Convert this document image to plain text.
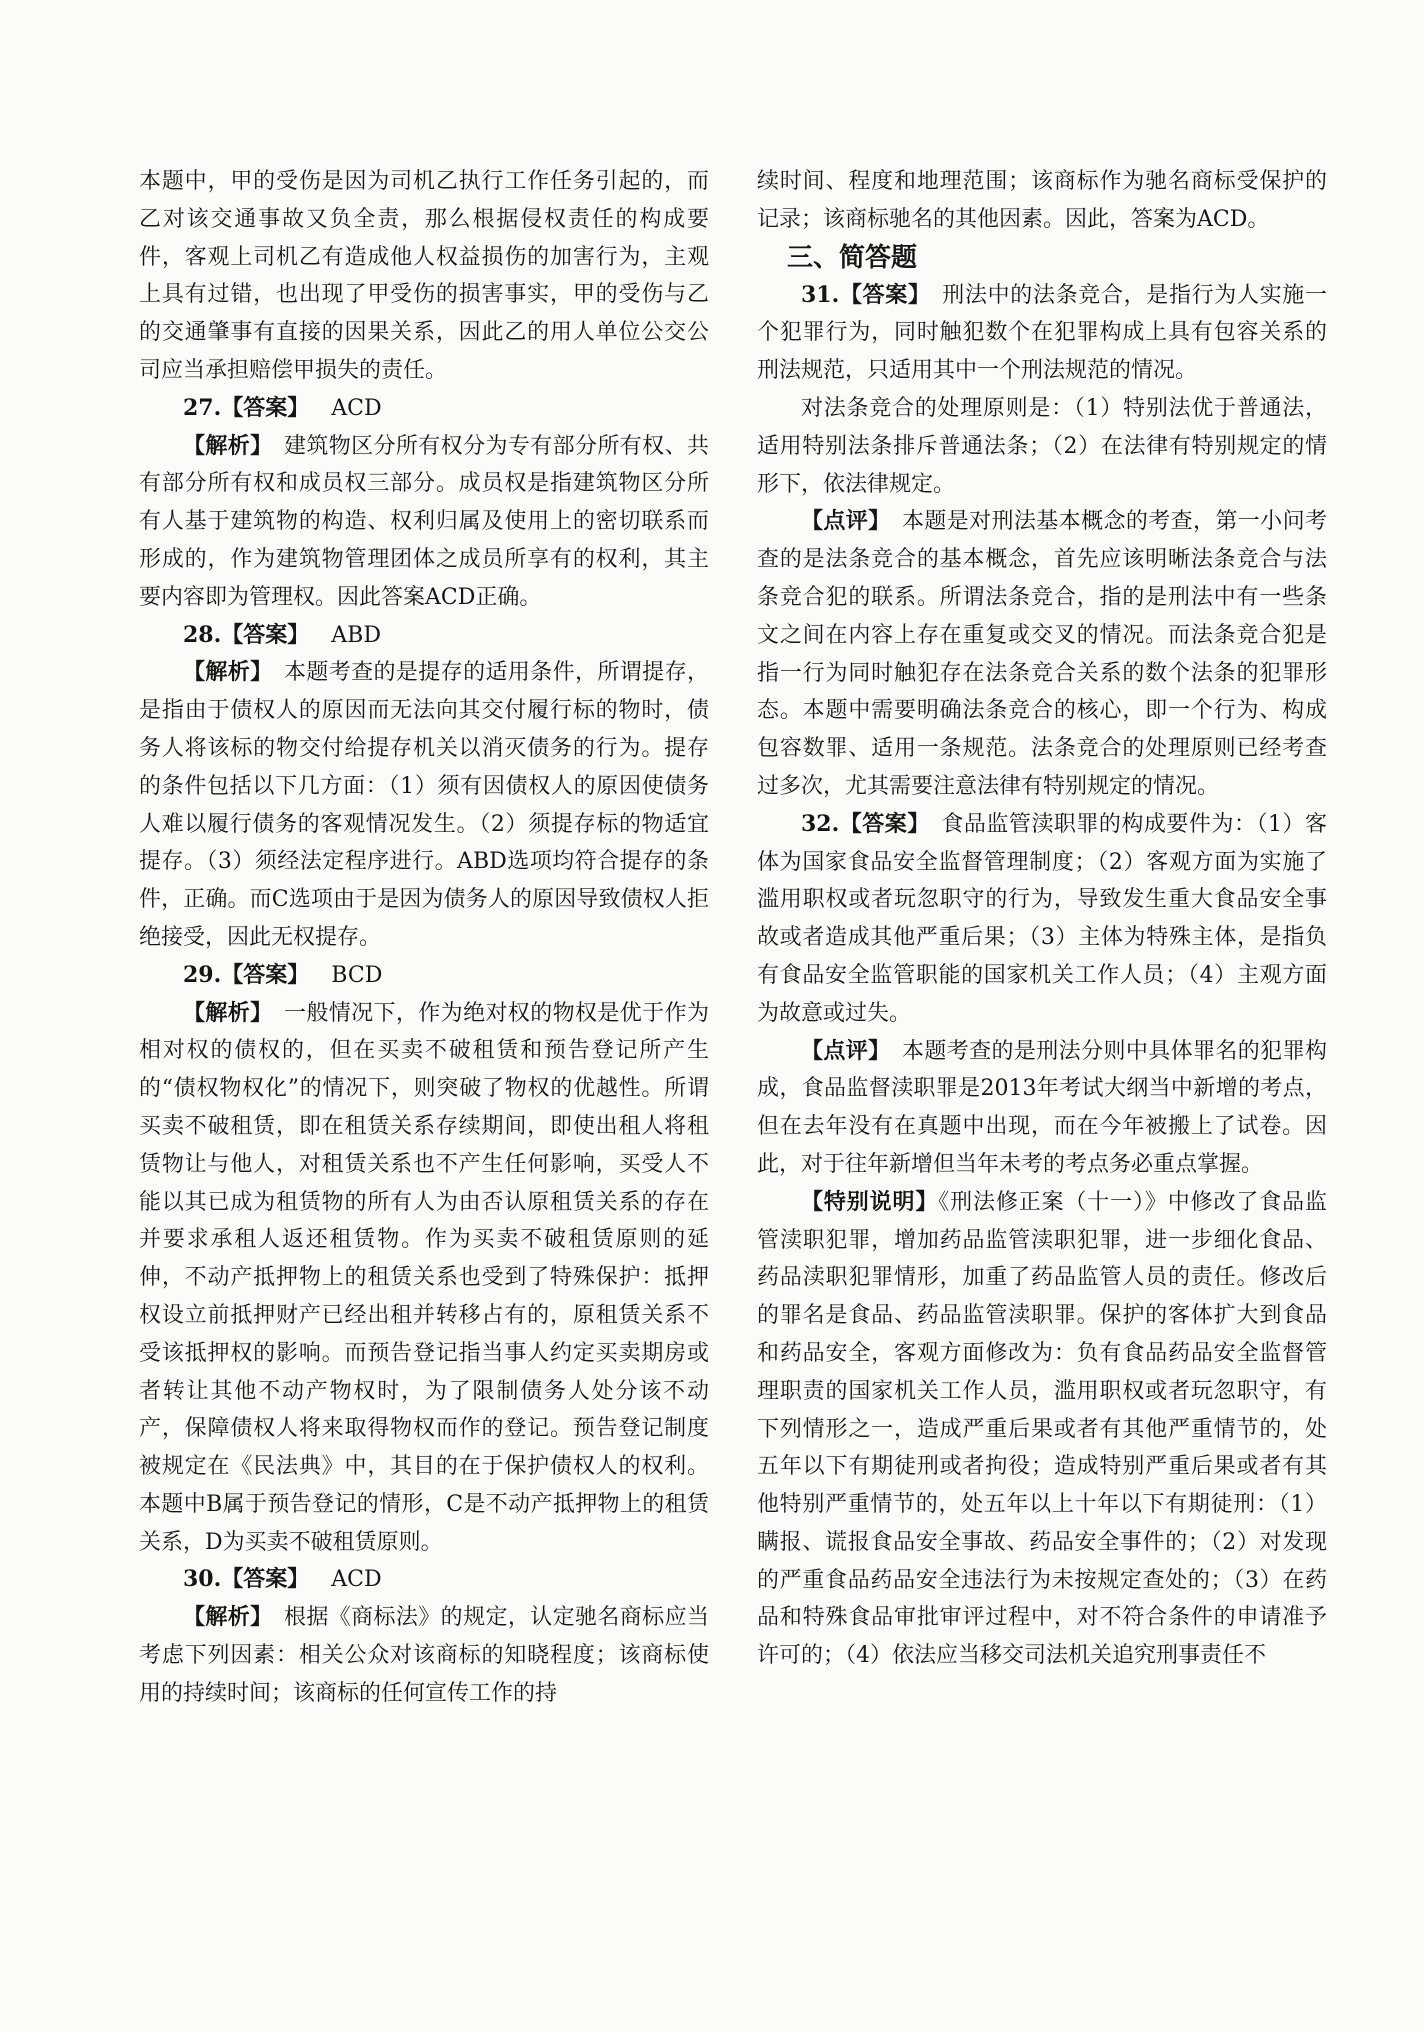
本题中，甲的受伤是因为司机乙执行工作任务引起的，而乙对该交通事故又负全责，那么根据侵权责任的构成要件，客观上司机乙有造成他人权益损伤的加害行为，主观上具有过错，也出现了甲受伤的损害事实，甲的受伤与乙的交通肇事有直接的因果关系，因此乙的用人单位公交公司应当承担赔偿甲损失的责任。

27.【答案】 ACD

【解析】　 建筑物区分所有权分为专有部分所有权、共有部分所有权和成员权三部分。成员权是指建筑物区分所有人基于建筑物的构造、权利归属及使用上的密切联系而形成的，作为建筑物管理团体之成员所享有的权利，其主要内容即为管理权。因此答案ACD正确。

28.【答案】 ABD

【解析】　 本题考查的是提存的适用条件，所谓提存，是指由于债权人的原因而无法向其交付履行标的物时，债务人将该标的物交付给提存机关以消灭债务的行为。提存的条件包括以下几方面：（1）须有因债权人的原因使债务人难以履行债务的客观情况发生。（2）须提存标的物适宜提存。（3）须经法定程序进行。ABD选项均符合提存的条件，正确。而C选项由于是因为债务人的原因导致债权人拒绝接受，因此无权提存。

29.【答案】 BCD

【解析】　 一般情况下，作为绝对权的物权是优于作为相对权的债权的，但在买卖不破租赁和预告登记所产生的“债权物权化”的情况下，则突破了物权的优越性。所谓买卖不破租赁，即在租赁关系存续期间，即使出租人将租赁物让与他人，对租赁关系也不产生任何影响，买受人不能以其已成为租赁物的所有人为由否认原租赁关系的存在并要求承租人返还租赁物。作为买卖不破租赁原则的延伸，不动产抵押物上的租赁关系也受到了特殊保护：抵押权设立前抵押财产已经出租并转移占有的，原租赁关系不受该抵押权的影响。而预告登记指当事人约定买卖期房或者转让其他不动产物权时，为了限制债务人处分该不动产，保障债权人将来取得物权而作的登记。预告登记制度被规定在《民法典》中，其目的在于保护债权人的权利。本题中B属于预告登记的情形，C是不动产抵押物上的租赁关系，D为买卖不破租赁原则。

30.【答案】 ACD

【解析】　 根据《商标法》的规定，认定驰名商标应当考虑下列因素：相关公众对该商标的知晓程度；该商标使用的持续时间；该商标的任何宣传工作的持

续时间、程度和地理范围；该商标作为驰名商标受保护的记录；该商标驰名的其他因素。因此，答案为ACD。

三、简答题

31.【答案】　 刑法中的法条竞合，是指行为人实施一个犯罪行为，同时触犯数个在犯罪构成上具有包容关系的刑法规范，只适用其中一个刑法规范的情况。

对法条竞合的处理原则是：（1）特别法优于普通法，适用特别法条排斥普通法条；（2）在法律有特别规定的情形下，依法律规定。

【点评】　 本题是对刑法基本概念的考查，第一小问考查的是法条竞合的基本概念，首先应该明晰法条竞合与法条竞合犯的联系。所谓法条竞合，指的是刑法中有一些条文之间在内容上存在重复或交叉的情况。而法条竞合犯是指一行为同时触犯存在法条竞合关系的数个法条的犯罪形态。本题中需要明确法条竞合的核心，即一个行为、构成包容数罪、适用一条规范。法条竞合的处理原则已经考查过多次，尤其需要注意法律有特别规定的情况。

32.【答案】　 食品监管渎职罪的构成要件为：（1）客体为国家食品安全监督管理制度；（2）客观方面为实施了滥用职权或者玩忽职守的行为，导致发生重大食品安全事故或者造成其他严重后果；（3）主体为特殊主体，是指负有食品安全监管职能的国家机关工作人员；（4）主观方面为故意或过失。

【点评】　 本题考查的是刑法分则中具体罪名的犯罪构成，食品监督渎职罪是2013年考试大纲当中新增的考点，但在去年没有在真题中出现，而在今年被搬上了试卷。因此，对于往年新增但当年未考的考点务必重点掌握。

【特别说明】《刑法修正案（十一）》中修改了食品监管渎职犯罪，增加药品监管渎职犯罪，进一步细化食品、药品渎职犯罪情形，加重了药品监管人员的责任。修改后的罪名是食品、药品监管渎职罪。保护的客体扩大到食品和药品安全，客观方面修改为：负有食品药品安全监督管理职责的国家机关工作人员，滥用职权或者玩忽职守，有下列情形之一，造成严重后果或者有其他严重情节的，处五年以下有期徒刑或者拘役；造成特别严重后果或者有其他特别严重情节的，处五年以上十年以下有期徒刑：（1）瞒报、谎报食品安全事故、药品安全事件的；（2）对发现的严重食品药品安全违法行为未按规定查处的；（3）在药品和特殊食品审批审评过程中，对不符合条件的申请准予许可的；（4）依法应当移交司法机关追究刑事责任不
